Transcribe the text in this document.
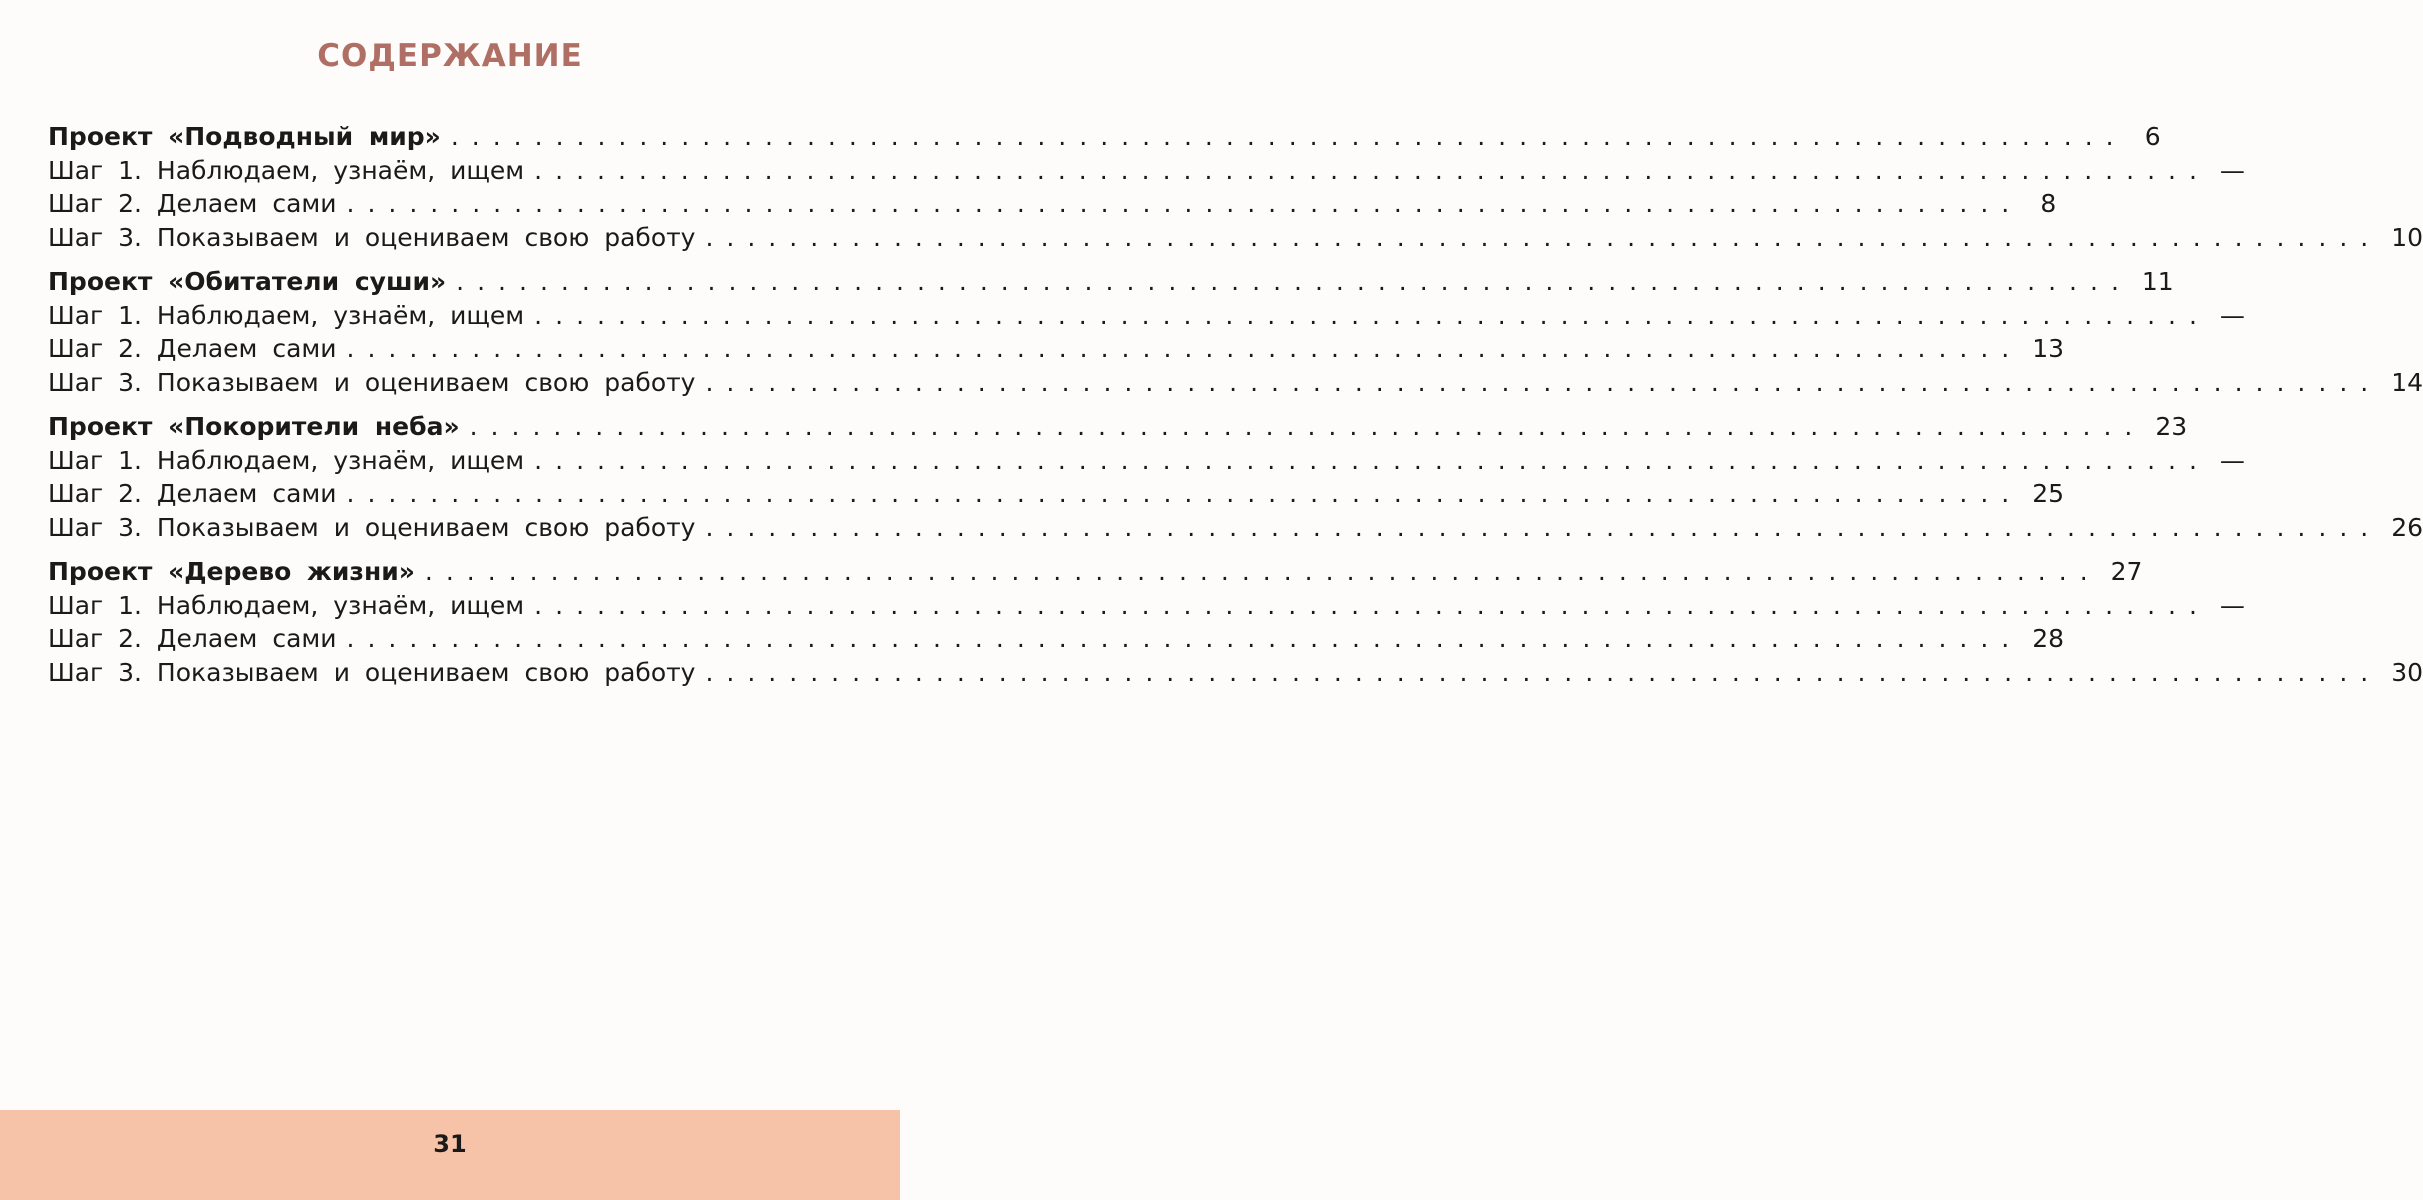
СОДЕРЖАНИЕ
Проект «Подводный мир» ................................................................................ 6
Шаг 1. Наблюдаем, узнаём, ищем ................................................................................ —
Шаг 2. Делаем сами ................................................................................ 8
Шаг 3. Показываем и оцениваем свою работу ................................................................................ 10
Проект «Обитатели суши» ................................................................................ 11
Шаг 1. Наблюдаем, узнаём, ищем ................................................................................ —
Шаг 2. Делаем сами ................................................................................ 13
Шаг 3. Показываем и оцениваем свою работу ................................................................................ 14
Проект «Покорители неба» ................................................................................ 23
Шаг 1. Наблюдаем, узнаём, ищем ................................................................................ —
Шаг 2. Делаем сами ................................................................................ 25
Шаг 3. Показываем и оцениваем свою работу ................................................................................ 26
Проект «Дерево жизни» ................................................................................ 27
Шаг 1. Наблюдаем, узнаём, ищем ................................................................................ —
Шаг 2. Делаем сами ................................................................................ 28
Шаг 3. Показываем и оцениваем свою работу ................................................................................ 30
31
